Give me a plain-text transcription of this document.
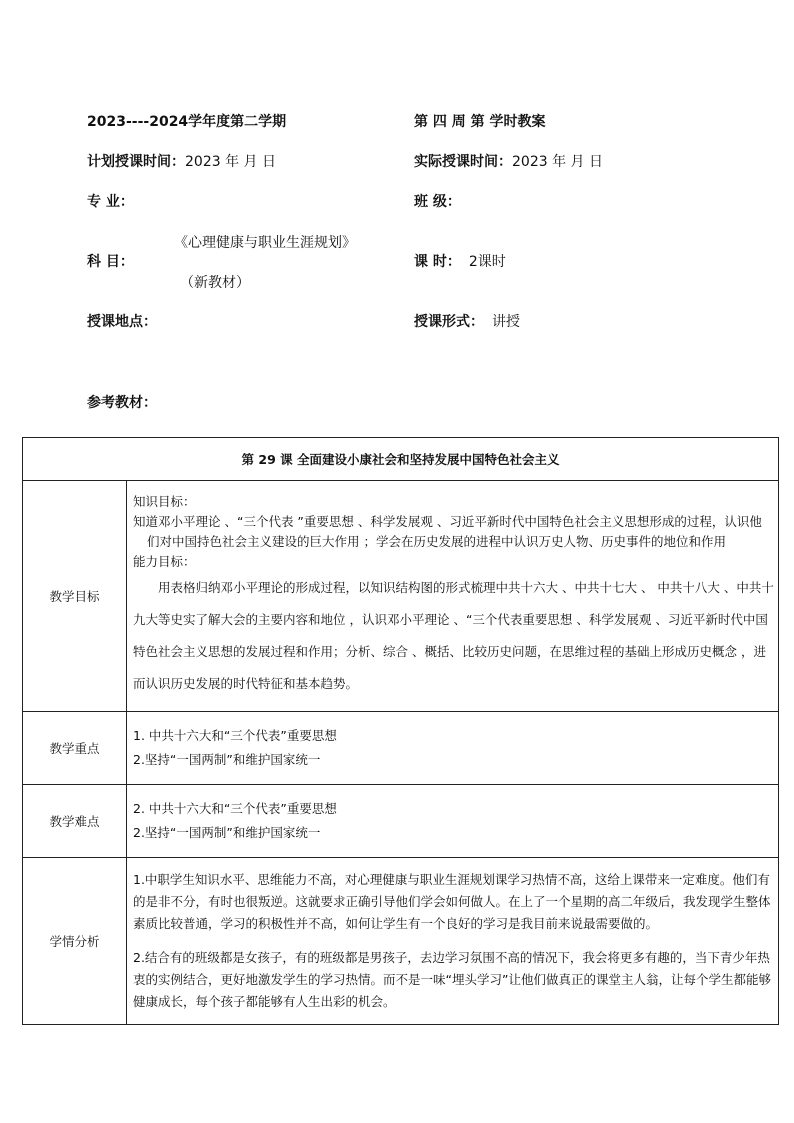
2023----2024学年度第二学期	第 四 周 第 学时教案
计划授课时间：2023 年 月 日	实际授课时间：2023 年 月 日
专 业：	班 级：
科 目：
《心理健康与职业生涯规划》
（新教材）
课 时： 2课时
授课地点：	授课形式： 讲授
参考教材：
第 29 课 全面建设小康社会和坚持发展中国特色社会主义	
教学目标	知识目标：

知道邓小平理论 、“三个代表 ”重要思想 、科学发展观 、习近平新时代中国特色社会主义思想形成的过程，认识他们对中国持色社会主义建设的巨大作用 ；学会在历史发展的进程中认识万史人物、历史事件的地位和作用

能力目标：

用表格归纳邓小平理论的形成过程，以知识结构图的形式梳理中共十六大 、中共十七大 、 中共十八大 、中共十九大等史实了解大会的主要内容和地位 ，认识邓小平理论 、“三个代表重要思想 、科学发展观 、习近平新时代中国特色社会主义思想的发展过程和作用；分析、综合 、概括、比较历史问题，在思维过程的基础上形成历史概念 ，进而认识历史发展的时代特征和基本趋势。

教学重点	1. 中共十六大和“三个代表”重要思想

2.坚持“一国两制”和维护国家统一

教学难点	2. 中共十六大和“三个代表”重要思想

2.坚持“一国两制”和维护国家统一

学情分析	1.中职学生知识水平、思维能力不高，对心理健康与职业生涯规划课学习热情不高，这给上课带来一定难度。他们有的是非不分，有时也很叛逆。这就要求正确引导他们学会如何做人。在上了一个星期的高二年级后，我发现学生整体素质比较普通，学习的积极性并不高，如何让学生有一个良好的学习是我目前来说最需要做的。

2.结合有的班级都是女孩子，有的班级都是男孩子，去边学习氛围不高的情况下，我会将更多有趣的，当下青少年热衷的实例结合，更好地激发学生的学习热情。而不是一味“埋头学习”让他们做真正的课堂主人翁，让每个学生都能够健康成长，每个孩子都能够有人生出彩的机会。
